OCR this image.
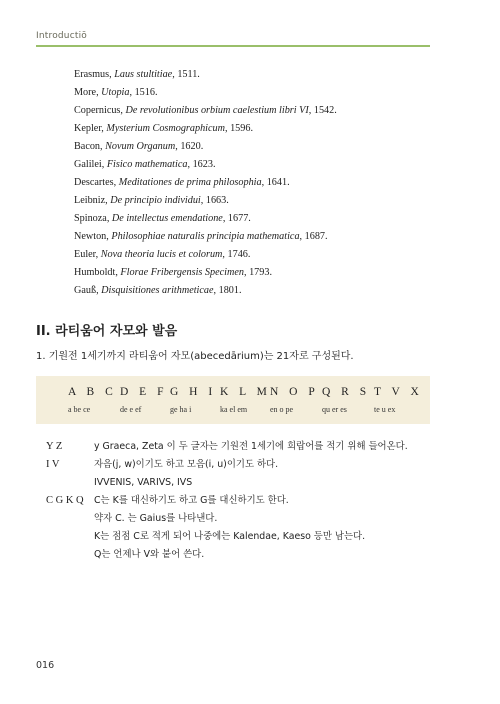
Introductiō
Erasmus, Laus stultitiae, 1511.
More, Utopia, 1516.
Copernicus, De revolutionibus orbium caelestium libri VI, 1542.
Kepler, Mysterium Cosmographicum, 1596.
Bacon, Novum Organum, 1620.
Galilei, Fisico mathematica, 1623.
Descartes, Meditationes de prima philosophia, 1641.
Leibniz, De principio individui, 1663.
Spinoza, De intellectus emendatione, 1677.
Newton, Philosophiae naturalis principia mathematica, 1687.
Euler, Nova theoria lucis et colorum, 1746.
Humboldt, Florae Fribergensis Specimen, 1793.
Gauß, Disquisitiones arithmeticae, 1801.
II. 라티움어 자모와 발음
1. 기원전 1세기까지 라티움어 자모(abecedārium)는 21자로 구성된다.
A B C
a be ce
D E F
de e ef
G H I
ge ha i
K L M
ka el em
N O P
en o pe
Q R S
qu er es
T V X
te u ex
Y Z	y Graeca, Zeta 이 두 글자는 기원전 1세기에 희랍어를 적기 위해 들어온다.
I V	자음(j, w)이기도 하고 모음(i, u)이기도 하다.
IVVENIS, VARIVS, IVS
C G K Q C는 K를 대신하기도 하고 G를 대신하기도 한다.
약자 C. 는 Gaius를 나타낸다.
K는 점점 C로 적게 되어 나중에는 Kalendae, Kaeso 등만 남는다.
Q는 언제나 V와 붙어 쓴다.
016
